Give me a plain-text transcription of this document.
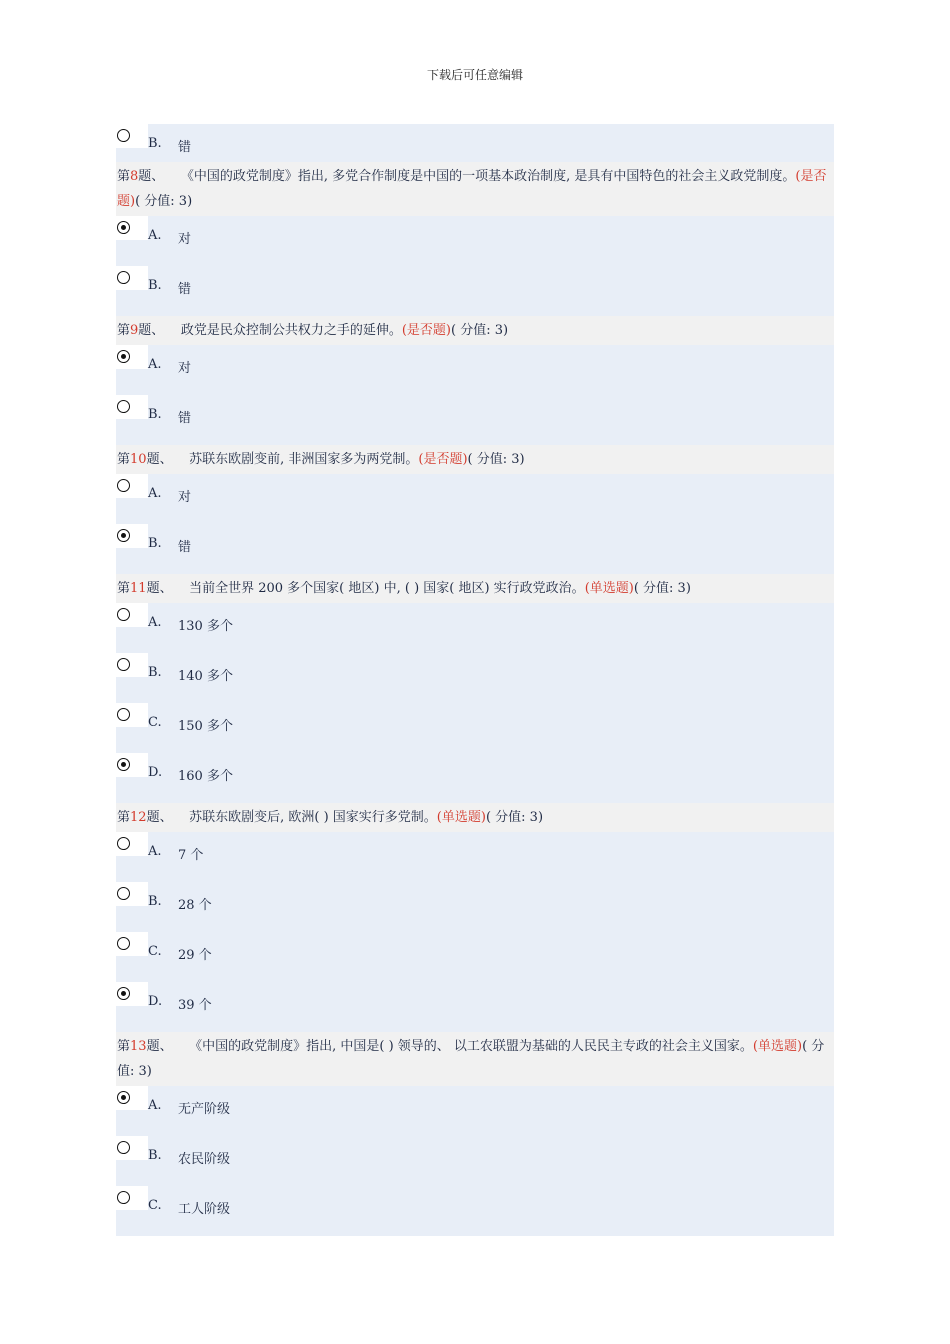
下载后可任意编辑
B. 错
第8题、 《中国的政党制度》指出, 多党合作制度是中国的一项基本政治制度, 是具有中国特色的社会主义政党制度。(是否题)( 分值: 3)
A. 对
B. 错
第9题、 政党是民众控制公共权力之手的延伸。(是否题)( 分值: 3)
A. 对
B. 错
第10题、 苏联东欧剧变前, 非洲国家多为两党制。(是否题)( 分值: 3)
A. 对
B. 错
第11题、 当前全世界 200 多个国家( 地区) 中, ( ) 国家( 地区) 实行政党政治。(单选题)( 分值: 3)
A. 130 多个
B. 140 多个
C. 150 多个
D. 160 多个
第12题、 苏联东欧剧变后, 欧洲( ) 国家实行多党制。(单选题)( 分值: 3)
A. 7 个
B. 28 个
C. 29 个
D. 39 个
第13题、 《中国的政党制度》指出, 中国是( ) 领导的、 以工农联盟为基础的人民民主专政的社会主义国家。(单选题)( 分值: 3)
A. 无产阶级
B. 农民阶级
C. 工人阶级
